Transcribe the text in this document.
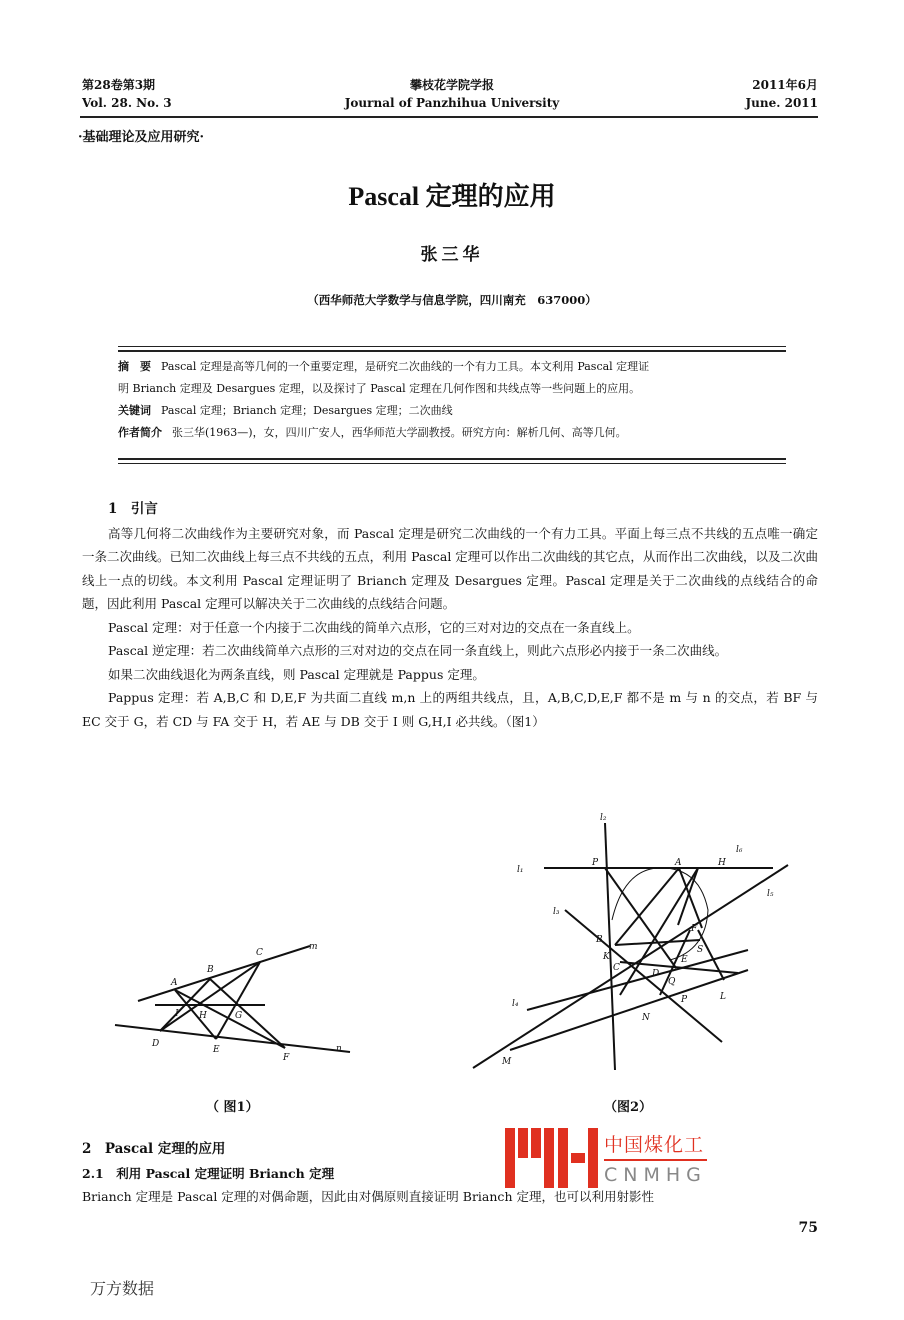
第28卷第3期
Vol. 28. No. 3
攀枝花学院学报
Journal of Panzhihua University
2011年6月
June. 2011
·基础理论及应用研究·
Pascal 定理的应用
张三华
（西华师范大学数学与信息学院，四川南充　637000）
摘　要 Pascal 定理是高等几何的一个重要定理，是研究二次曲线的一个有力工具。本文利用 Pascal 定理证
明 Brianch 定理及 Desargues 定理，以及探讨了 Pascal 定理在几何作图和共线点等一些问题上的应用。
关键词 Pascal 定理；Brianch 定理；Desargues 定理；二次曲线
作者简介 张三华(1963—)，女，四川广安人，西华师范大学副教授。研究方向：解析几何、高等几何。

1　引言

高等几何将二次曲线作为主要研究对象，而 Pascal 定理是研究二次曲线的一个有力工具。平面上每三点不共线的五点唯一确定一条二次曲线。已知二次曲线上每三点不共线的五点，利用 Pascal 定理可以作出二次曲线的其它点，从而作出二次曲线，以及二次曲线上一点的切线。本文利用 Pascal 定理证明了 Brianch 定理及 Desargues 定理。Pascal 定理是关于二次曲线的点线结合的命题，因此利用 Pascal 定理可以解决关于二次曲线的点线结合问题。

Pascal 定理：对于任意一个内接于二次曲线的简单六点形，它的三对对边的交点在一条直线上。

Pascal 逆定理：若二次曲线简单六点形的三对对边的交点在同一条直线上，则此六点形必内接于一条二次曲线。

如果二次曲线退化为两条直线，则 Pascal 定理就是 Pappus 定理。

Pappus 定理：若 A,B,C 和 D,E,F 为共面二直线 m,n 上的两组共线点，且，A,B,C,D,E,F 都不是 m 与 n 的交点，若 BF 与 EC 交于 G，若 CD 与 FA 交于 H，若 AE 与 DB 交于 I 则 G,H,I 必共线。（图1）

A
B
C
D
E
F
G
H
I
m
n
（ 图1）
l₁
l₂
l₃
l₄
l₅
l₆
P	A	H
B
F
K
C
S
E
D
Q
L
P
N
M
（图2）

2　Pascal 定理的应用

2.1　利用 Pascal 定理证明 Brianch 定理

Brianch 定理是 Pascal 定理的对偶命题，因此由对偶原则直接证明 Brianch 定理，也可以利用射影性

中国煤化工
CNMHG
75
万方数据
